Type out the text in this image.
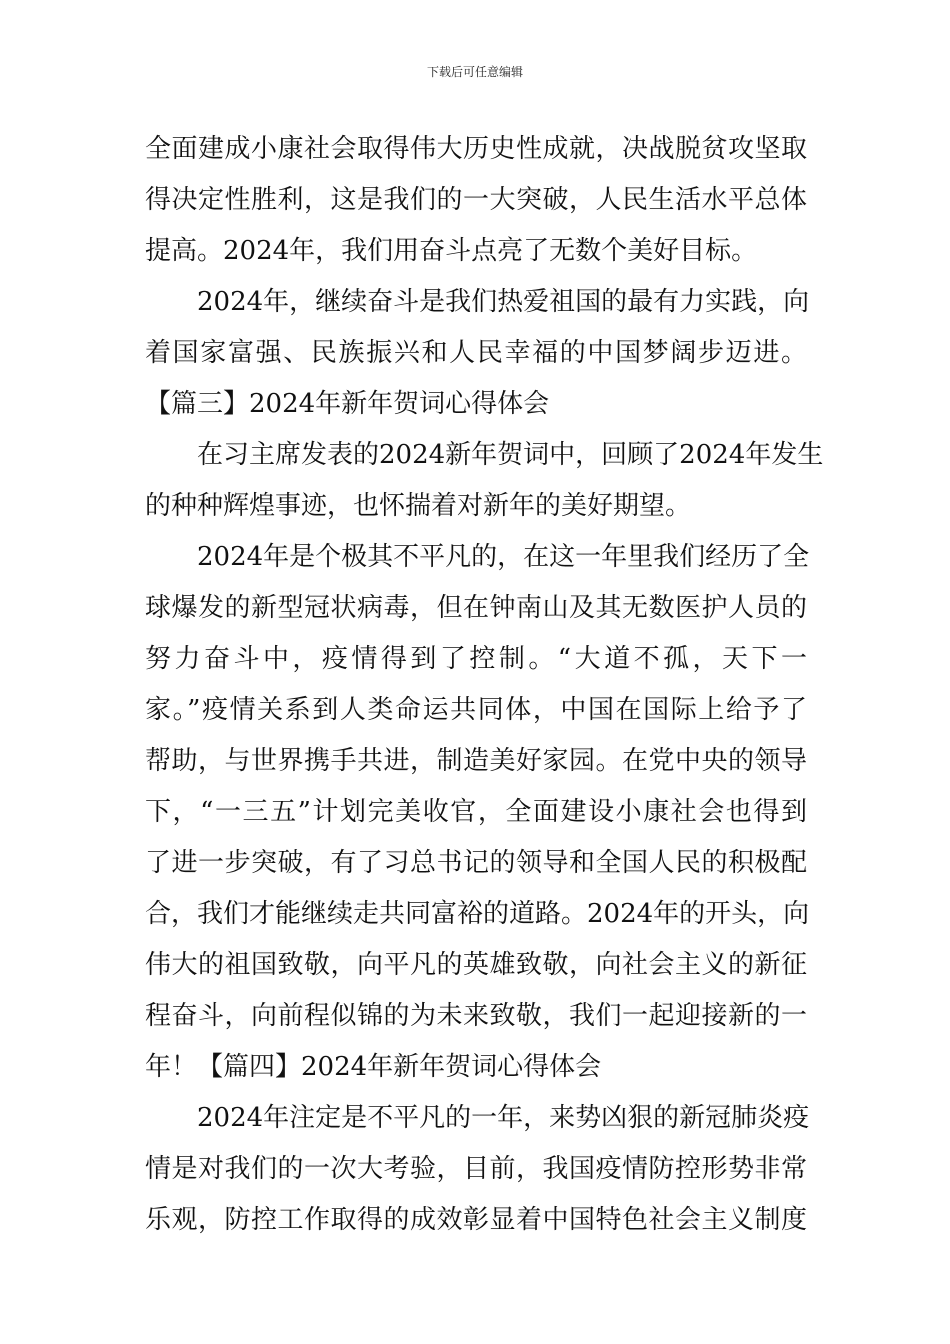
下载后可任意编辑
全面建成小康社会取得伟大历史性成就，决战脱贫攻坚取
得决定性胜利，这是我们的一大突破，人民生活水平总体
提高。2024年，我们用奋斗点亮了无数个美好目标。
2024年，继续奋斗是我们热爱祖国的最有力实践，向
着国家富强、民族振兴和人民幸福的中国梦阔步迈进。
【篇三】2024年新年贺词心得体会
在习主席发表的2024新年贺词中，回顾了2024年发生
的种种辉煌事迹，也怀揣着对新年的美好期望。
2024年是个极其不平凡的，在这一年里我们经历了全
球爆发的新型冠状病毒，但在钟南山及其无数医护人员的
努力奋斗中，疫情得到了控制。“大道不孤，天下一
家。”疫情关系到人类命运共同体，中国在国际上给予了
帮助，与世界携手共进，制造美好家园。在党中央的领导
下，“一三五”计划完美收官，全面建设小康社会也得到
了进一步突破，有了习总书记的领导和全国人民的积极配
合，我们才能继续走共同富裕的道路。2024年的开头，向
伟大的祖国致敬，向平凡的英雄致敬，向社会主义的新征
程奋斗，向前程似锦的为未来致敬，我们一起迎接新的一
年！【篇四】2024年新年贺词心得体会
2024年注定是不平凡的一年，来势凶狠的新冠肺炎疫
情是对我们的一次大考验，目前，我国疫情防控形势非常
乐观，防控工作取得的成效彰显着中国特色社会主义制度
